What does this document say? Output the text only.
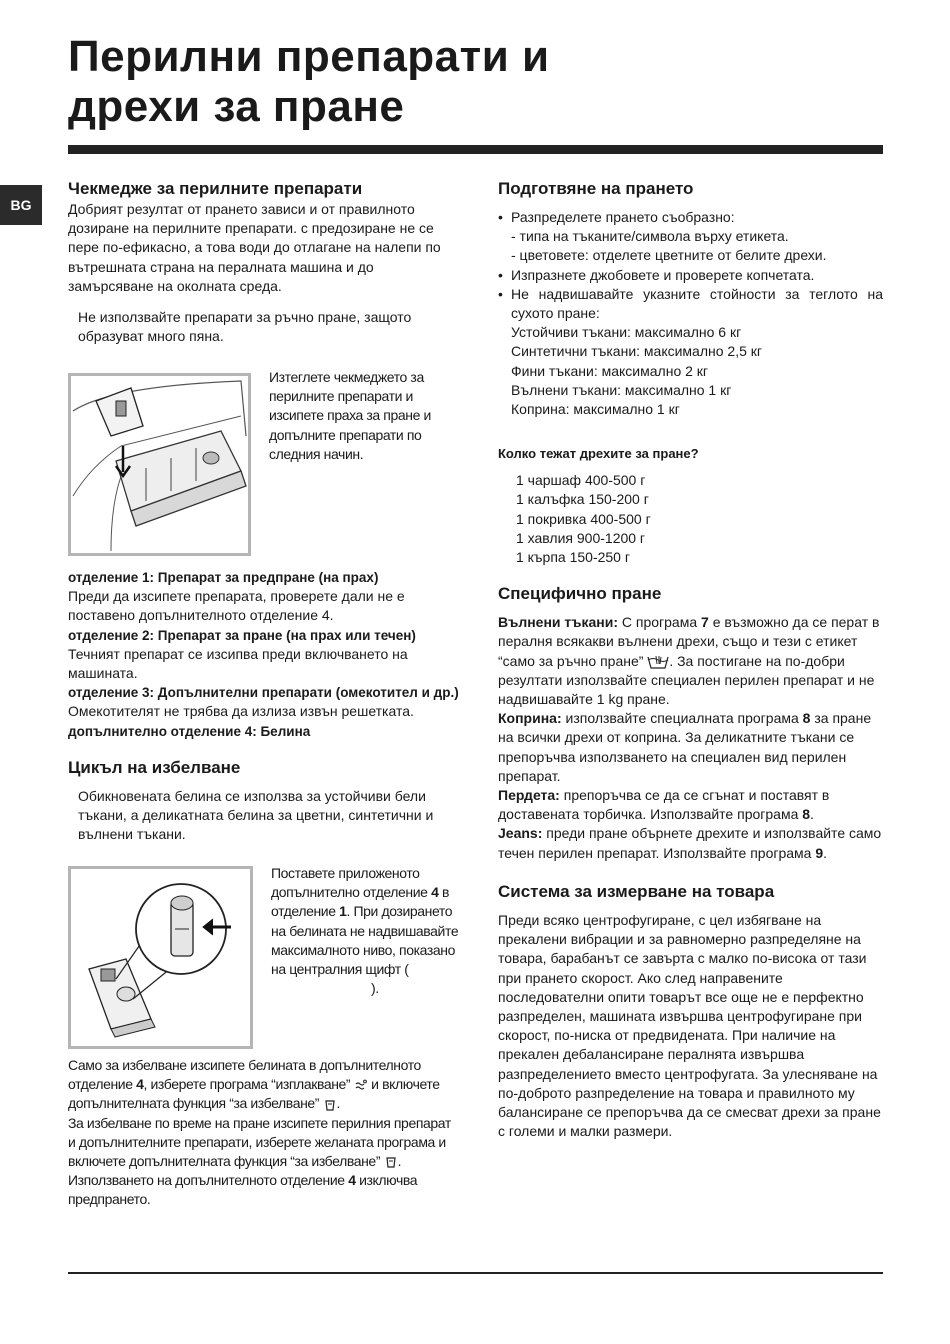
Перилни препарати и
дрехи за пране
BG
Чекмедже за перилните препарати

Добрият резултат от прането зависи и от правилното дозиране на перилните препарати. с предозиране не се пере по-ефикасно, а това води до отлагане на налепи по вътрешната страна на пералната машина и до замърсяване на околната среда.

Не използвайте препарати за ръчно пране, защото образуват много пяна.

Изтеглете чекмеджето за перилните препарати и изсипете праха за пране и допълните препарати по следния начин.

отделение 1: Препарат за предпране (на прах)

Преди да изсипете препарата, проверете дали не е поставено допълнителното отделение 4.

отделение 2: Препарат за пране (на прах или течен)

Течният препарат се изсипва преди включването на машината.

отделение 3: Допълнителни препарати (омекотител и др.)

Омекотителят не трябва да излиза извън решетката.

допълнително отделение 4: Белина

Цикъл на избелване

Обикновената белина се използва за устойчиви бели тъкани, а деликатната белина за цветни, синтетични и вълнени тъкани.

Поставете приложеното допълнително отделение 4 в отделение 1. При дозирането на белината не надвишавайте максималното ниво, показано на централния щифт ().

Само за избелване изсипете белината в допълнителното отделение 4, изберете програма “изплакване”  и включете допълнителната функция “за избелване” .

За избелване по време на пране изсипете перилния препарат и допълнителните препарати, изберете желаната програма и включете допълнителната функция “за избелване” .

Използването на допълнителното отделение 4 изключва предпрането.

Подготвяне на прането
• Разпределете прането съобразно:
- типа на тъканите/символа върху етикета.
- цветовете: отделете цветните от белите дрехи.
• Изпразнете джобовете и проверете копчетата.
• Не надвишавайте указните стойности за теглото на сухото пране:
Устойчиви тъкани: максимално 6 кг
Синтетични тъкани: максимално 2,5 кг
Фини тъкани: максимално 2 кг
Вълнени тъкани: максимално 1 кг
Коприна: максимално 1 кг
Колко тежат дрехите за пране?
1 чаршаф 400-500 г
1 калъфка 150-200 г
1 покривка 400-500 г
1 хавлия 900-1200 г
1 кърпа 150-250 г
Специфично пране

Вълнени тъкани: С програма 7 е възможно да се перат в пералня всякакви вълнени дрехи, също и тези с етикет “само за ръчно пране” . За постигане на по-добри резултати използвайте специален перилен препарат и не надвишавайте 1 kg пране.

Коприна: използвайте специалната програма 8 за пране на всички дрехи от коприна. За деликатните тъкани се препоръчва използването на специален вид перилен препарат.

Пердета: препоръчва се да се сгънат и поставят в доставената торбичка. Използвайте програма 8.

Jeans: преди пране обърнете дрехите и използвайте само течен перилен препарат. Използвайте програма 9.

Система за измерване на товара

Преди всяко центрофугиране, с цел избягване на прекалени вибрации и за равномерно разпределяне на товара, барабанът се завърта с малко по-висока от тази при прането скорост. Ако след направените последователни опити товарът все още не е перфектно разпределен, машината извършва центрофугиране при скорост, по-ниска от предвидената. При наличие на прекален дебалансиране пералнята извършва разпределението вместо центрофугата. За улесняване на по-доброто разпределение на товара и правилното му балансиране се препоръчва да се смесват дрехи за пране с големи и малки размери.
